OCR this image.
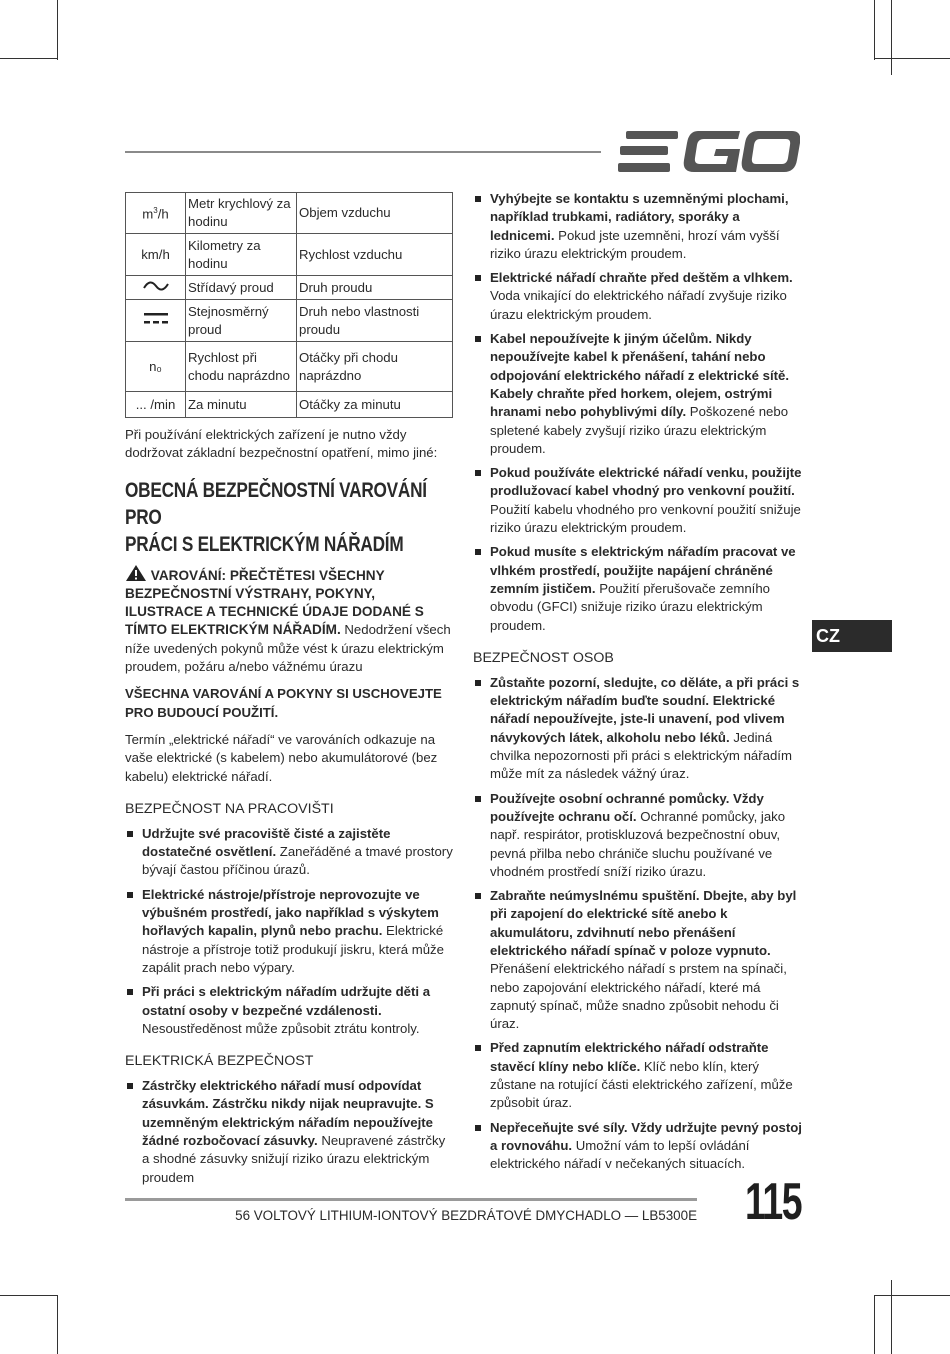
$m^3/h$	Metr krychlový za hodinu	Objem vzduchu
km/h	Kilometry za hodinu	Rychlost vzduchu
	Střídavý proud	Druh proudu
	Stejnosměrný proud	Druh nebo vlastnosti proudu
n₀	Rychlost při chodu naprázdno	Otáčky při chodu naprázdno
... /min	Za minutu	Otáčky za minutu

Při používání elektrických zařízení je nutno vždy dodržovat základní bezpečnostní opatření, mimo jiné:

OBECNÁ BEZPEČNOSTNÍ VAROVÁNÍ PRO

PRÁCI S ELEKTRICKÝM NÁŘADÍM

VAROVÁNÍ: PŘEČTĚTESI VŠECHNY BEZPEČNOSTNÍ VÝSTRAHY, POKYNY, ILUSTRACE A TECHNICKÉ ÚDAJE DODANÉ S TÍMTO ELEKTRICKÝM NÁŘADÍM. Nedodržení všech níže uvedených pokynů může vést k úrazu elektrickým proudem, požáru a/nebo vážnému úrazu

VŠECHNA VAROVÁNÍ A POKYNY SI USCHOVEJTE PRO BUDOUCÍ POUŽITÍ.

Termín „elektrické nářadí“ ve varováních odkazuje na vaše elektrické (s kabelem) nebo akumulátorové (bez kabelu) elektrické nářadí.

BEZPEČNOST NA PRACOVIŠTI

Udržujte své pracoviště čisté a zajistěte dostatečné osvětlení. Zaneřáděné a tmavé prostory bývají častou příčinou úrazů.
Elektrické nástroje/přístroje neprovozujte ve výbušném prostředí, jako například s výskytem hořlavých kapalin, plynů nebo prachu. Elektrické nástroje a přístroje totiž produkují jiskru, která může zapálit prach nebo výpary.
Při práci s elektrickým nářadím udržujte děti a ostatní osoby v bezpečné vzdálenosti. Nesoustředěnost může způsobit ztrátu kontroly.

ELEKTRICKÁ BEZPEČNOST

Zástrčky elektrického nářadí musí odpovídat zásuvkám. Zástrčku nikdy nijak neupravujte. S uzemněným elektrickým nářadím nepoužívejte žádné rozbočovací zásuvky. Neupravené zástrčky a shodné zásuvky snižují riziko úrazu elektrickým proudem
Vyhýbejte se kontaktu s uzemněnými plochami, například trubkami, radiátory, sporáky a lednicemi. Pokud jste uzemněni, hrozí vám vyšší riziko úrazu elektrickým proudem.
Elektrické nářadí chraňte před deštěm a vlhkem. Voda vnikající do elektrického nářadí zvyšuje riziko úrazu elektrickým proudem.
Kabel nepoužívejte k jiným účelům. Nikdy nepoužívejte kabel k přenášení, tahání nebo odpojování elektrického nářadí z elektrické sítě. Kabely chraňte před horkem, olejem, ostrými hranami nebo pohyblivými díly. Poškozené nebo spletené kabely zvyšují riziko úrazu elektrickým proudem.
Pokud používáte elektrické nářadí venku, použijte prodlužovací kabel vhodný pro venkovní použití. Použití kabelu vhodného pro venkovní použití snižuje riziko úrazu elektrickým proudem.
Pokud musíte s elektrickým nářadím pracovat ve vlhkém prostředí, použijte napájení chráněné zemním jističem. Použití přerušovače zemního obvodu (GFCI) snižuje riziko úrazu elektrickým proudem.

BEZPEČNOST OSOB

Zůstaňte pozorní, sledujte, co děláte, a při práci s elektrickým nářadím buďte soudní. Elektrické nářadí nepoužívejte, jste-li unavení, pod vlivem návykových látek, alkoholu nebo léků. Jediná chvilka nepozornosti při práci s elektrickým nářadím může mít za následek vážný úraz.
Používejte osobní ochranné pomůcky. Vždy používejte ochranu očí. Ochranné pomůcky, jako např. respirátor, protiskluzová bezpečnostní obuv, pevná přilba nebo chrániče sluchu používané ve vhodném prostředí sníží riziko úrazu.
Zabraňte neúmyslnému spuštění. Dbejte, aby byl při zapojení do elektrické sítě anebo k akumulátoru, zdvihnutí nebo přenášení elektrického nářadí spínač v poloze vypnuto. Přenášení elektrického nářadí s prstem na spínači, nebo zapojování elektrického nářadí, které má zapnutý spínač, může snadno způsobit nehodu či úraz.
Před zapnutím elektrického nářadí odstraňte stavěcí klíny nebo klíče. Klíč nebo klín, který zůstane na rotující části elektrického zařízení, může způsobit úraz.
Nepřeceňujte své síly. Vždy udržujte pevný postoj a rovnováhu. Umožní vám to lepší ovládání elektrického nářadí v nečekaných situacích.
CZ
56 VOLTOVÝ LITHIUM-IONTOVÝ BEZDRÁTOVÉ DMYCHADLO — LB5300E 115
